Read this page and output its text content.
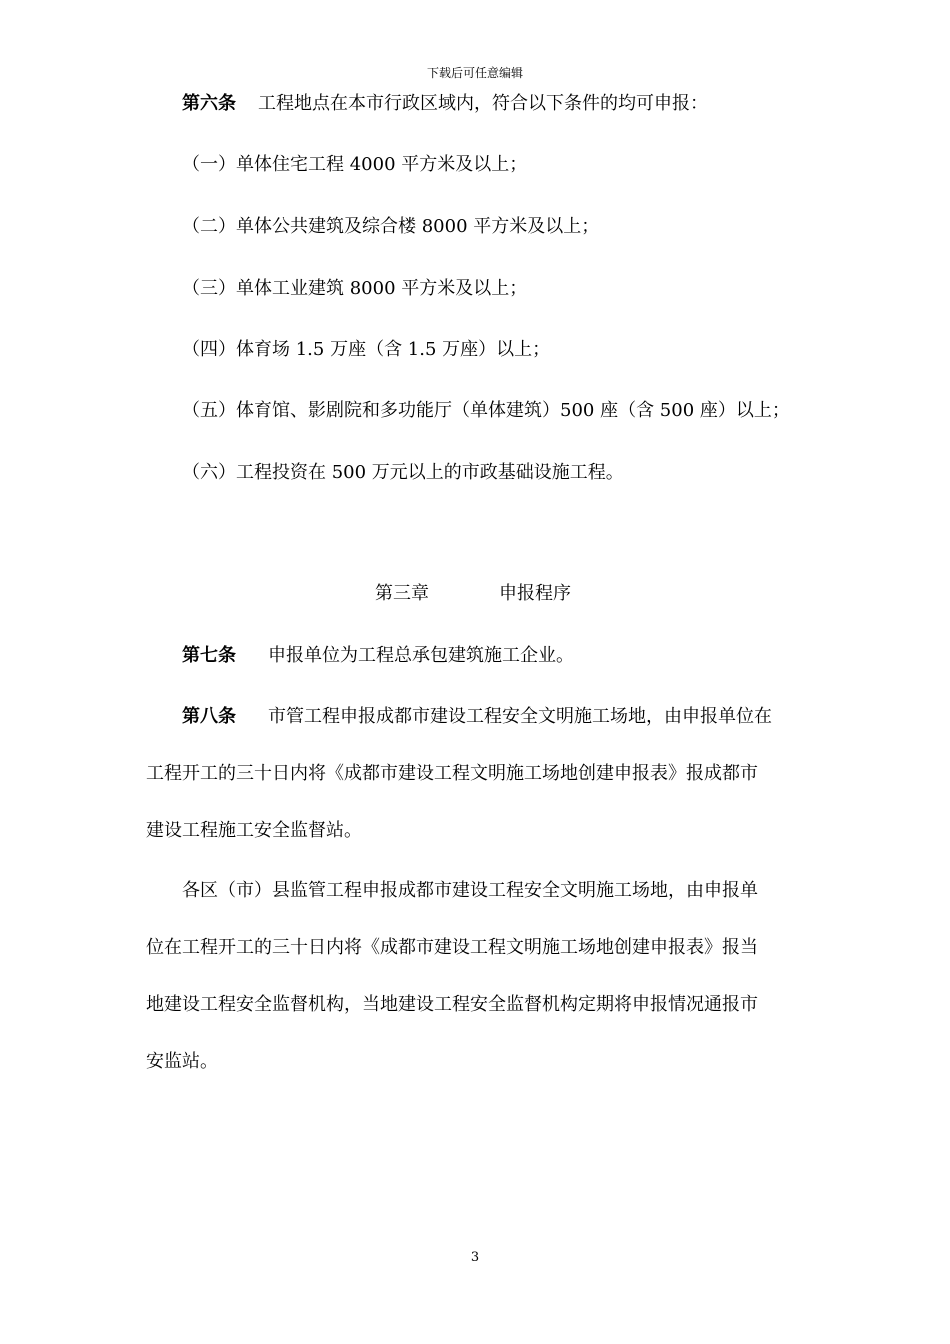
下载后可任意编辑
第六条 工程地点在本市行政区域内，符合以下条件的均可申报：
（一）单体住宅工程 4000 平方米及以上；
（二）单体公共建筑及综合楼 8000 平方米及以上；
（三）单体工业建筑 8000 平方米及以上；
（四）体育场 1.5 万座（含 1.5 万座）以上；
（五）体育馆、影剧院和多功能厅（单体建筑）500 座（含 500 座）以上；
（六）工程投资在 500 万元以上的市政基础设施工程。
第三章	申报程序
第七条 申报单位为工程总承包建筑施工企业。
第八条 市管工程申报成都市建设工程安全文明施工场地，由申报单位在
工程开工的三十日内将《成都市建设工程文明施工场地创建申报表》报成都市
建设工程施工安全监督站。
各区（市）县监管工程申报成都市建设工程安全文明施工场地，由申报单
位在工程开工的三十日内将《成都市建设工程文明施工场地创建申报表》报当
地建设工程安全监督机构，当地建设工程安全监督机构定期将申报情况通报市
安监站。
3
